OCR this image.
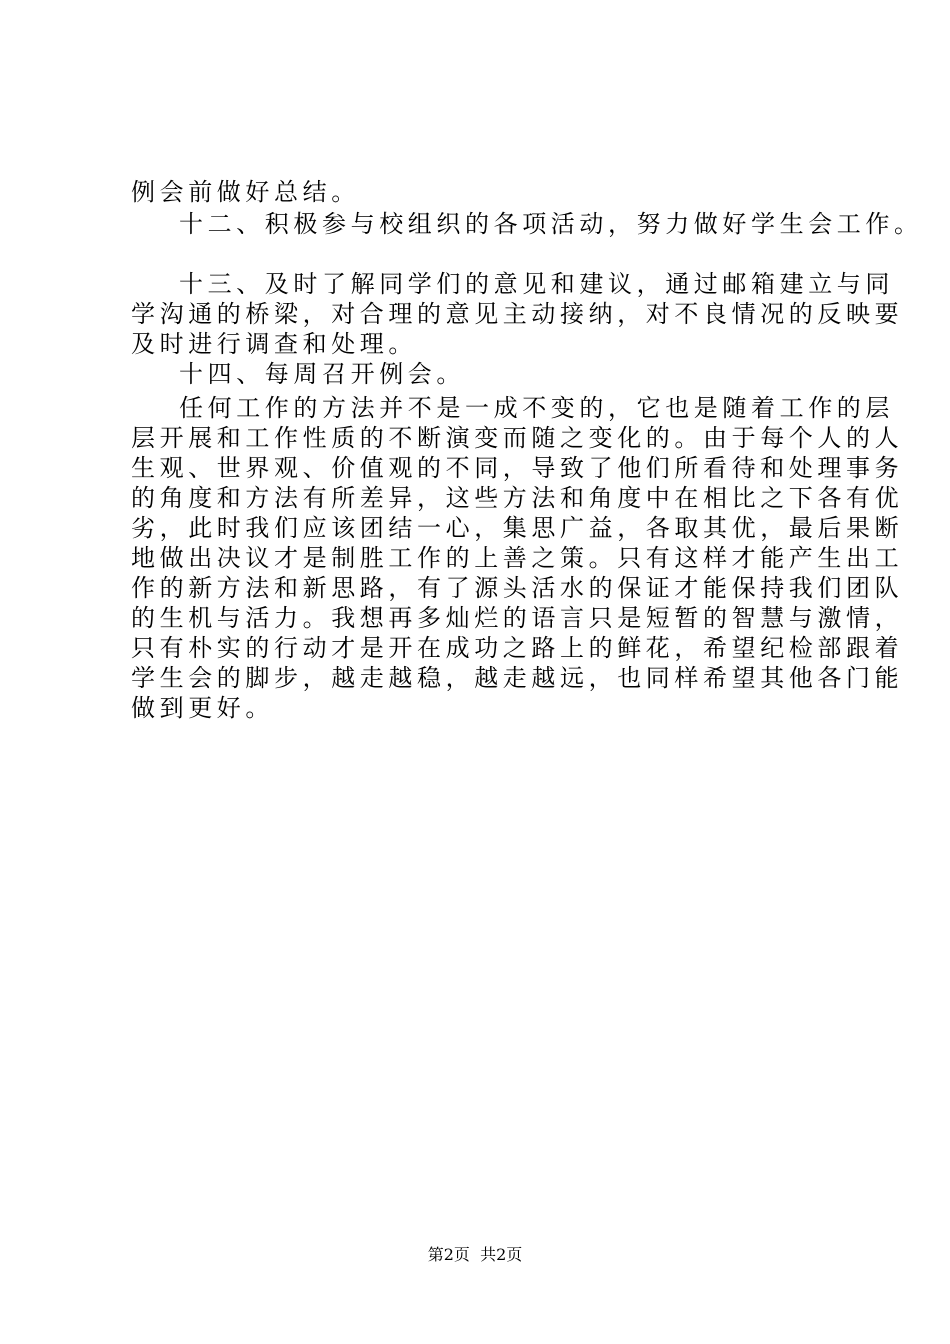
例会前做好总结。
十二、积极参与校组织的各项活动，努力做好学生会工作。
十三、及时了解同学们的意见和建议，通过邮箱建立与同
学沟通的桥梁，对合理的意见主动接纳，对不良情况的反映要
及时进行调查和处理。
十四、每周召开例会。
任何工作的方法并不是一成不变的，它也是随着工作的层
层开展和工作性质的不断演变而随之变化的。由于每个人的人
生观、世界观、价值观的不同，导致了他们所看待和处理事务
的角度和方法有所差异，这些方法和角度中在相比之下各有优
劣，此时我们应该团结一心，集思广益，各取其优，最后果断
地做出决议才是制胜工作的上善之策。只有这样才能产生出工
作的新方法和新思路，有了源头活水的保证才能保持我们团队
的生机与活力。我想再多灿烂的语言只是短暂的智慧与激情，
只有朴实的行动才是开在成功之路上的鲜花，希望纪检部跟着
学生会的脚步，越走越稳，越走越远，也同样希望其他各门能
做到更好。
第2页 共2页
